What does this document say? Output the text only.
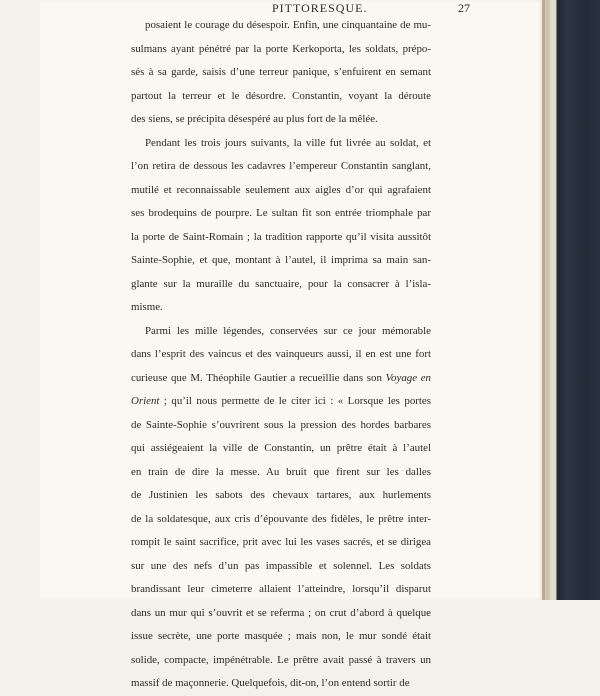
PITTORESQUE.	27
posaient le courage du désespoir. Enfin, une cinquantaine de mu-
sulmans ayant pénétré par la porte Kerkoporta, les soldats, prépo-
sés à sa garde, saisis d’une terreur panique, s’enfuirent en semant
partout la terreur et le désordre. Constantin, voyant la déroute
des siens, se précipita désespéré au plus fort de la mêlée.
Pendant les trois jours suivants, la ville fut livrée au soldat, et
l’on retira de dessous les cadavres l’empereur Constantin sanglant,
mutilé et reconnaissable seulement aux aigles d’or qui agrafaient
ses brodequins de pourpre. Le sultan fit son entrée triomphale par
la porte de Saint-Romain ; la tradition rapporte qu’il visita aussitôt
Sainte-Sophie, et que, montant à l’autel, il imprima sa main san-
glante sur la muraille du sanctuaire, pour la consacrer à l’isla-
misme.
Parmi les mille légendes, conservées sur ce jour mémorable
dans l’esprit des vaincus et des vainqueurs aussi, il en est une fort
curieuse que M. Théophile Gautier a recueillie dans son Voyage en
Orient ; qu’il nous permette de le citer ici : « Lorsque les portes
de Sainte-Sophie s’ouvrirent sous la pression des hordes barbares
qui assiégeaient la ville de Constantin, un prêtre était à l’autel
en train de dire la messe. Au bruit que firent sur les dalles
de Justinien les sabots des chevaux tartares, aux hurlements
de la soldatesque, aux cris d’épouvante des fidèles, le prêtre inter-
rompit le saint sacrifice, prit avec lui les vases sacrés, et se dirigea
sur une des nefs d’un pas impassible et solennel. Les soldats
brandissant leur cimeterre allaient l’atteindre, lorsqu’il disparut
dans un mur qui s’ouvrit et se referma ; on crut d’abord à quelque
issue secrète, une porte masquée ; mais non, le mur sondé était
solide, compacte, impénétrable. Le prêtre avait passé à travers un
massif de maçonnerie. Quelquefois, dit-on, l’on entend sortir de
